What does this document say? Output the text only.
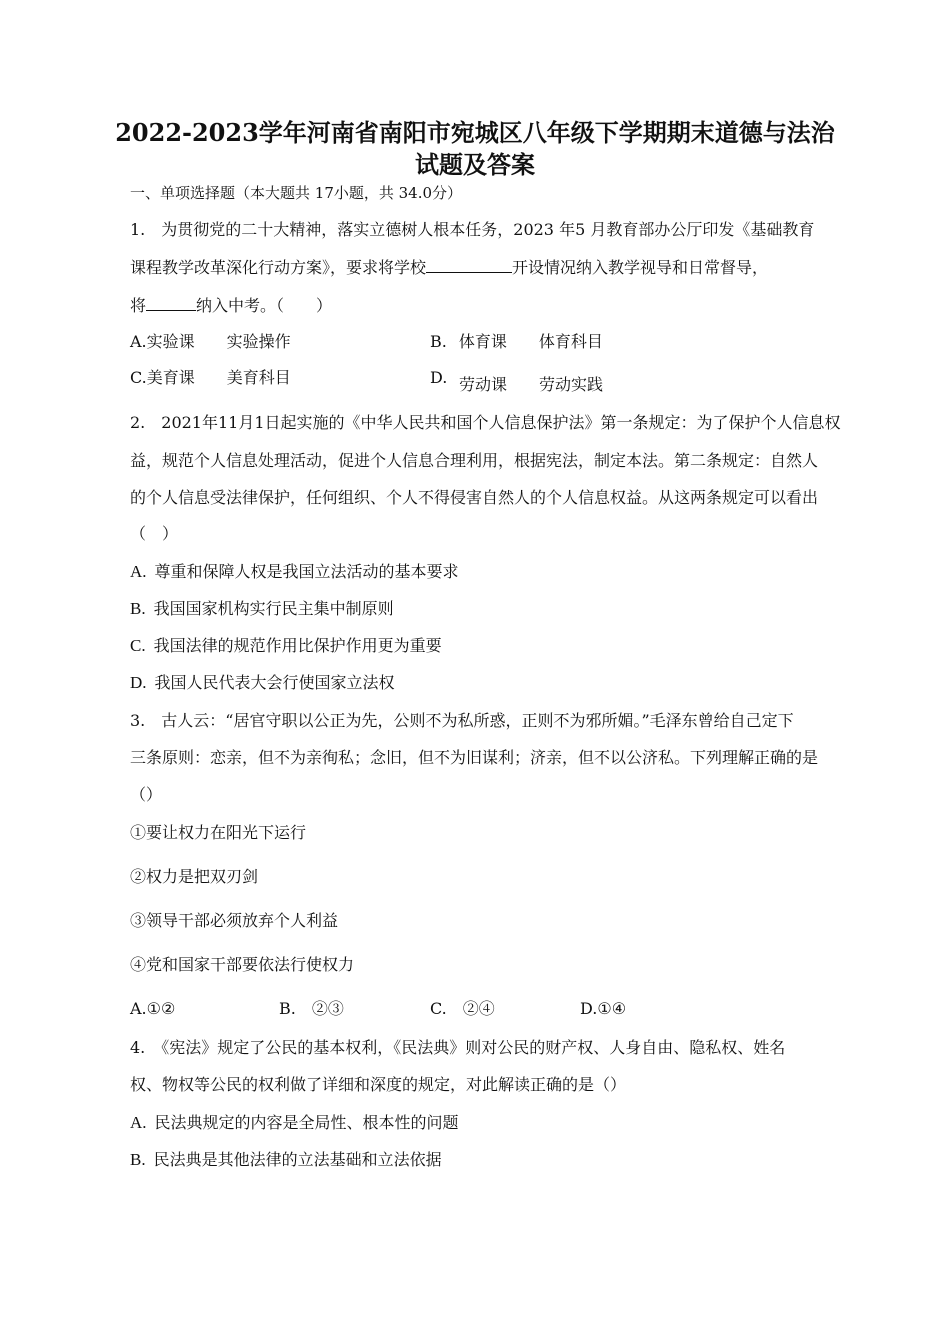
2022-2023学年河南省南阳市宛城区八年级下学期期末道德与法治
试题及答案
一、单项选择题（本大题共 17小题，共 34.0分）
1.　为贯彻党的二十大精神，落实立德树人根本任务，2023 年5 月教育部办公厅印发《基础教育
课程教学改革深化行动方案》，要求将学校	开设情况纳入教学视导和日常督导，
将	纳入中考。（　　）
A.实验课　　实验操作	B. 体育课　　体育科目
C.美育课　　美育科目	D. 劳动课　　劳动实践
2.　2021年11月1日起实施的《中华人民共和国个人信息保护法》第一条规定：为了保护个人信息权
益，规范个人信息处理活动，促进个人信息合理利用，根据宪法，制定本法。第二条规定：自然人
的个人信息受法律保护，任何组织、个人不得侵害自然人的个人信息权益。从这两条规定可以看出
（　）
A. 尊重和保障人权是我国立法活动的基本要求
B. 我国国家机构实行民主集中制原则
C. 我国法律的规范作用比保护作用更为重要
D. 我国人民代表大会行使国家立法权
3.　古人云：“居官守职以公正为先，公则不为私所惑，正则不为邪所媚。”毛泽东曾给自己定下
三条原则：恋亲，但不为亲徇私；念旧，但不为旧谋利；济亲，但不以公济私。下列理解正确的是
（）
①要让权力在阳光下运行
②权力是把双刃剑
③领导干部必须放弃个人利益
④党和国家干部要依法行使权力
A.①②	B.　②③	C.　②④	D.①④
4.　《宪法》规定了公民的基本权利，《民法典》则对公民的财产权、人身自由、隐私权、姓名
权、物权等公民的权利做了详细和深度的规定，对此解读正确的是（）
A. 民法典规定的内容是全局性、根本性的问题
B. 民法典是其他法律的立法基础和立法依据
